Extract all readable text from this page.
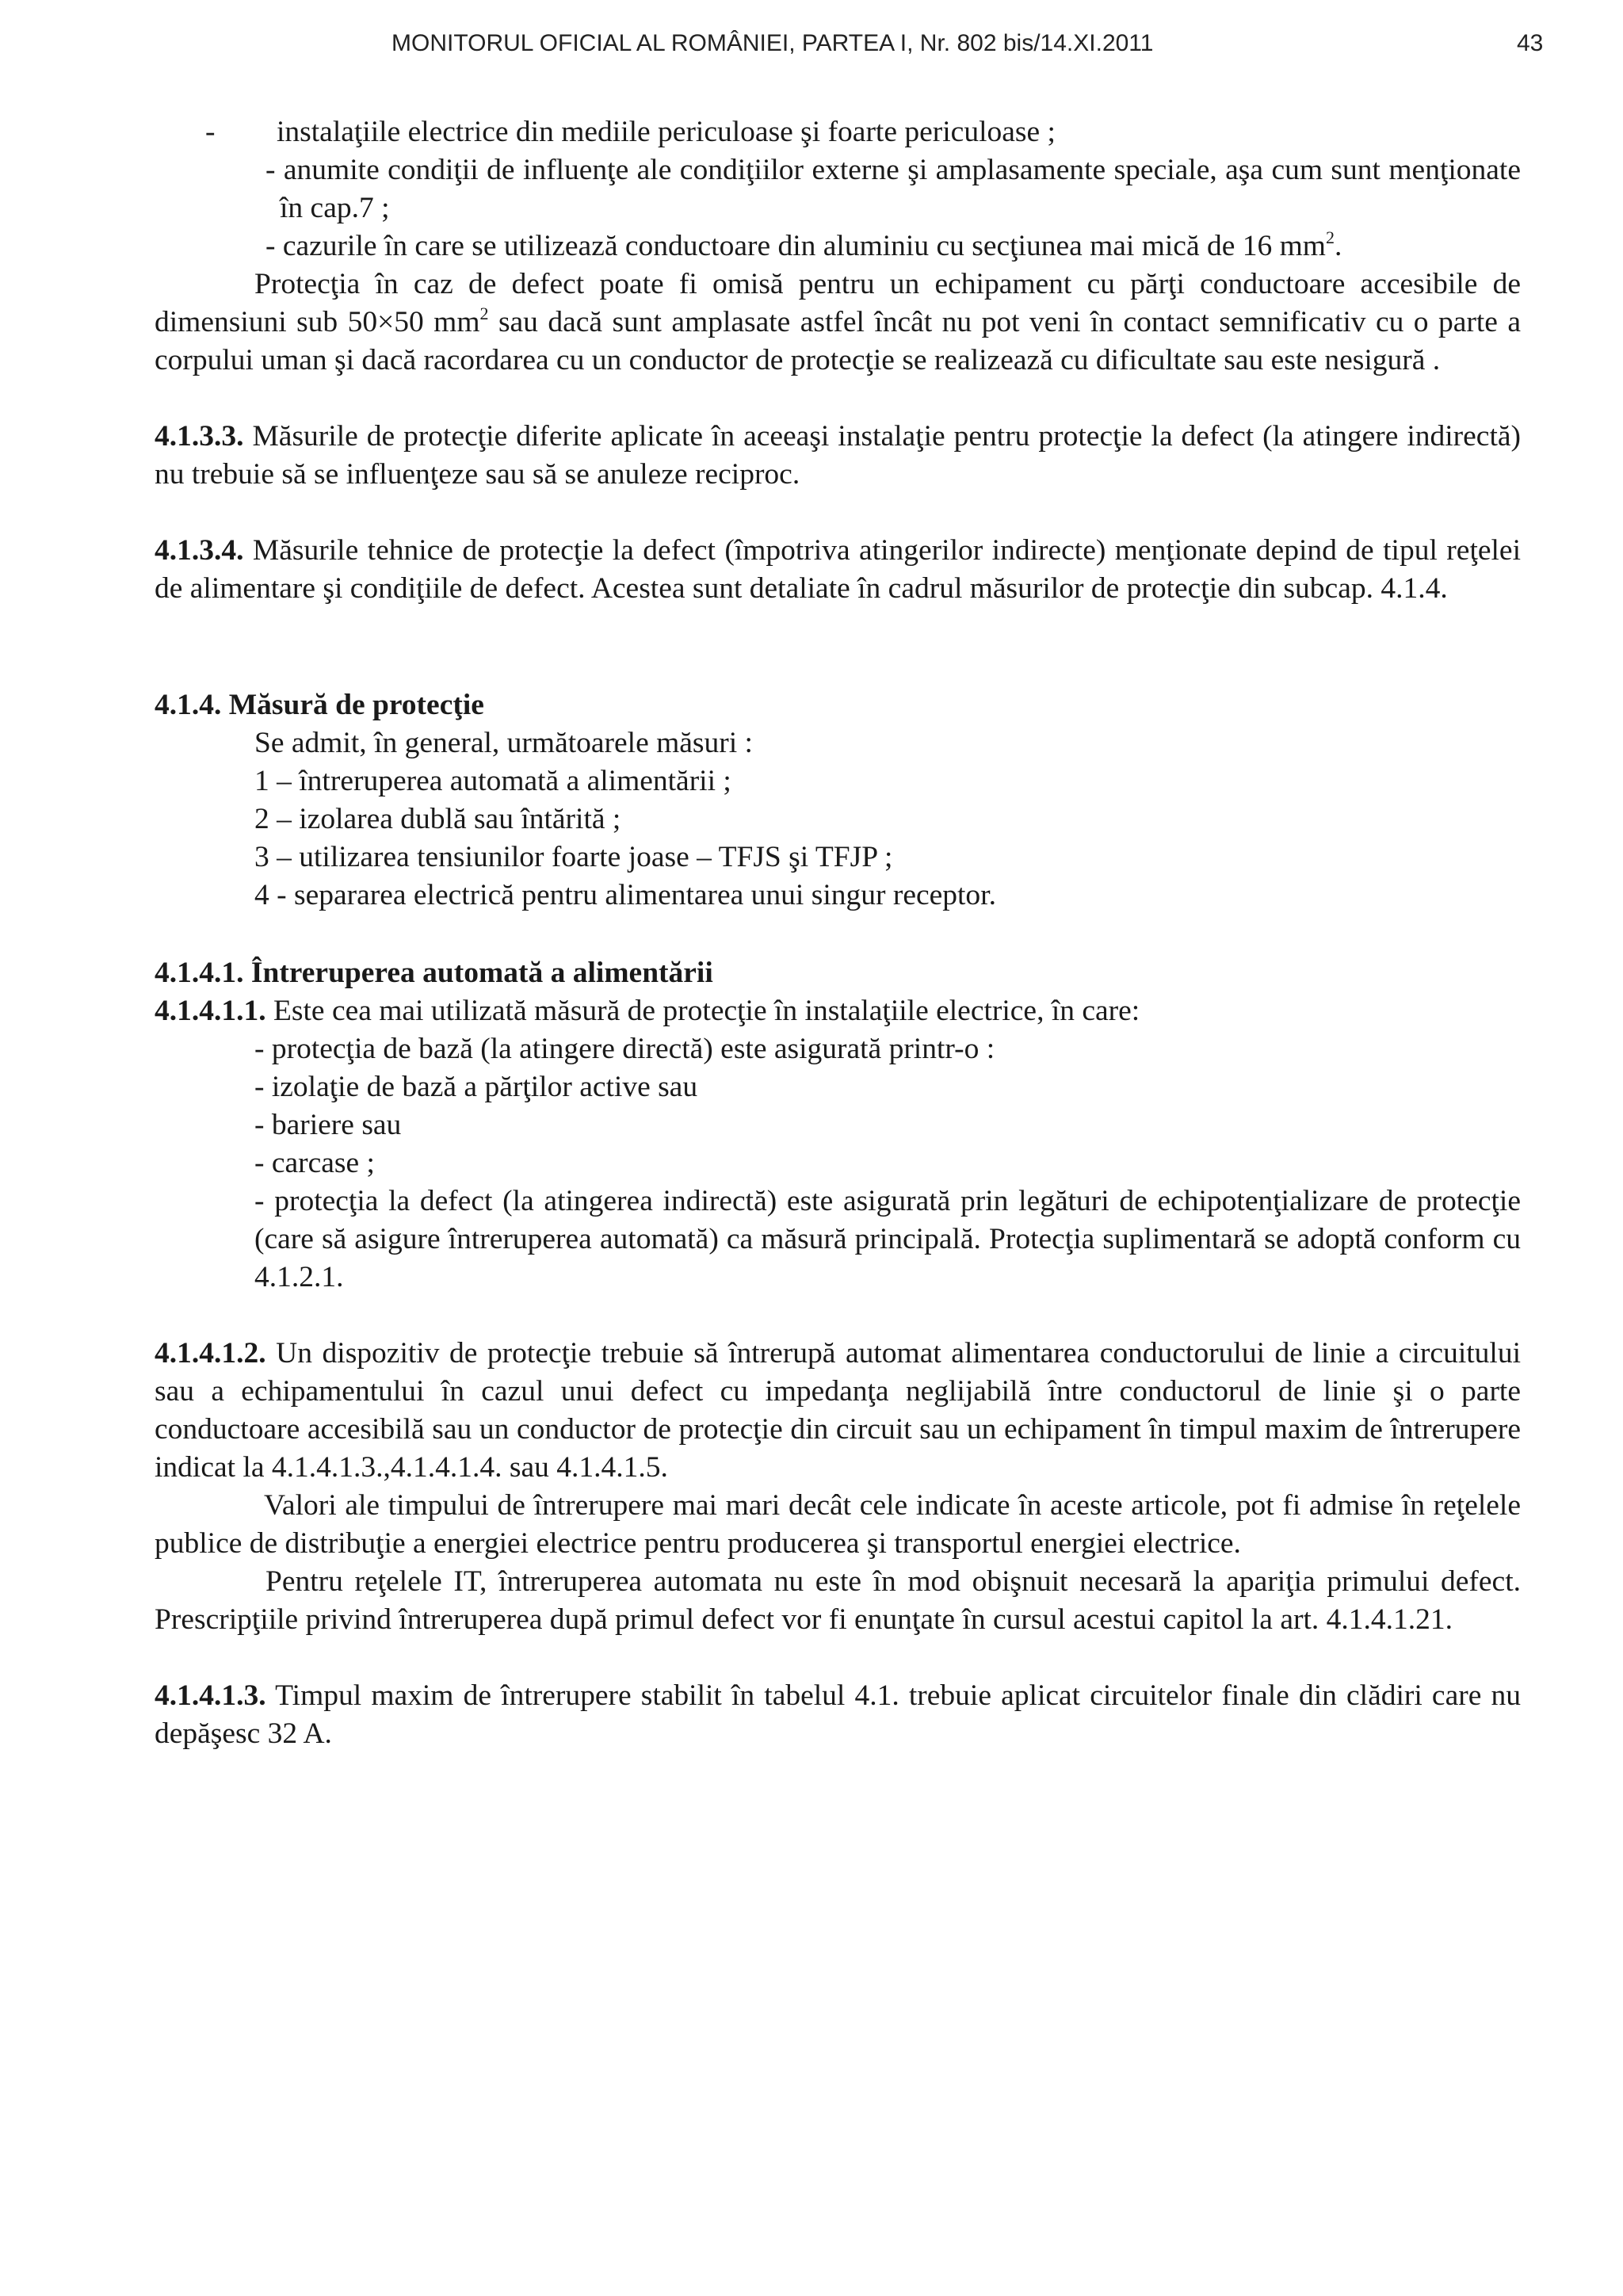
MONITORUL OFICIAL AL ROMÂNIEI, PARTEA I, Nr. 802 bis/14.XI.2011	43

- instalaţiile electrice din mediile periculoase şi foarte periculoase ;

- anumite condiţii de influenţe ale condiţiilor externe şi amplasamente speciale, aşa cum sunt menţionate în cap.7 ;

- cazurile în care se utilizează conductoare din aluminiu cu secţiunea mai mică de 16 $mm^2$.

Protecţia în caz de defect poate fi omisă pentru un echipament cu părţi conductoare accesibile de dimensiuni sub 50×50 $mm^2$ sau dacă sunt amplasate astfel încât nu pot veni în contact semnificativ cu o parte a corpului uman şi dacă racordarea cu un conductor de protecţie se realizează cu dificultate sau este nesigură .

4.1.3.3. Măsurile de protecţie diferite aplicate în aceeaşi instalaţie pentru protecţie la defect (la atingere indirectă) nu trebuie să se influenţeze sau să se anuleze reciproc.

4.1.3.4. Măsurile tehnice de protecţie la defect (împotriva atingerilor indirecte) menţionate depind de tipul reţelei de alimentare şi condiţiile de defect. Acestea sunt detaliate în cadrul măsurilor de protecţie din subcap. 4.1.4.

4.1.4. Măsură de protecţie

Se admit, în general, următoarele măsuri :

1 – întreruperea automată a alimentării ;

2 – izolarea dublă sau întărită ;

3 – utilizarea tensiunilor foarte joase – TFJS şi TFJP ;

4 - separarea electrică pentru alimentarea unui singur receptor.

4.1.4.1. Întreruperea automată a alimentării

4.1.4.1.1. Este cea mai utilizată măsură de protecţie în instalaţiile electrice, în care:

- protecţia de bază (la atingere directă) este asigurată printr-o :

- izolaţie de bază a părţilor active sau

- bariere sau

- carcase ;

- protecţia la defect (la atingerea indirectă) este asigurată prin legături de echipotenţializare de protecţie (care să asigure întreruperea automată) ca măsură principală. Protecţia suplimentară se adoptă conform cu 4.1.2.1.

4.1.4.1.2. Un dispozitiv de protecţie trebuie să întrerupă automat alimentarea conductorului de linie a circuitului sau a echipamentului în cazul unui defect cu impedanţa neglijabilă între conductorul de linie şi o parte conductoare accesibilă sau un conductor de protecţie din circuit sau un echipament în timpul maxim de întrerupere indicat la 4.1.4.1.3.,4.1.4.1.4. sau 4.1.4.1.5.

Valori ale timpului de întrerupere mai mari decât cele indicate în aceste articole, pot fi admise în reţelele publice de distribuţie a energiei electrice pentru producerea şi transportul energiei electrice.

Pentru reţelele IT, întreruperea automata nu este în mod obişnuit necesară la apariţia primului defect. Prescripţiile privind întreruperea după primul defect vor fi enunţate în cursul acestui capitol la art. 4.1.4.1.21.

4.1.4.1.3. Timpul maxim de întrerupere stabilit în tabelul 4.1. trebuie aplicat circuitelor finale din clădiri care nu depăşesc 32 A.
